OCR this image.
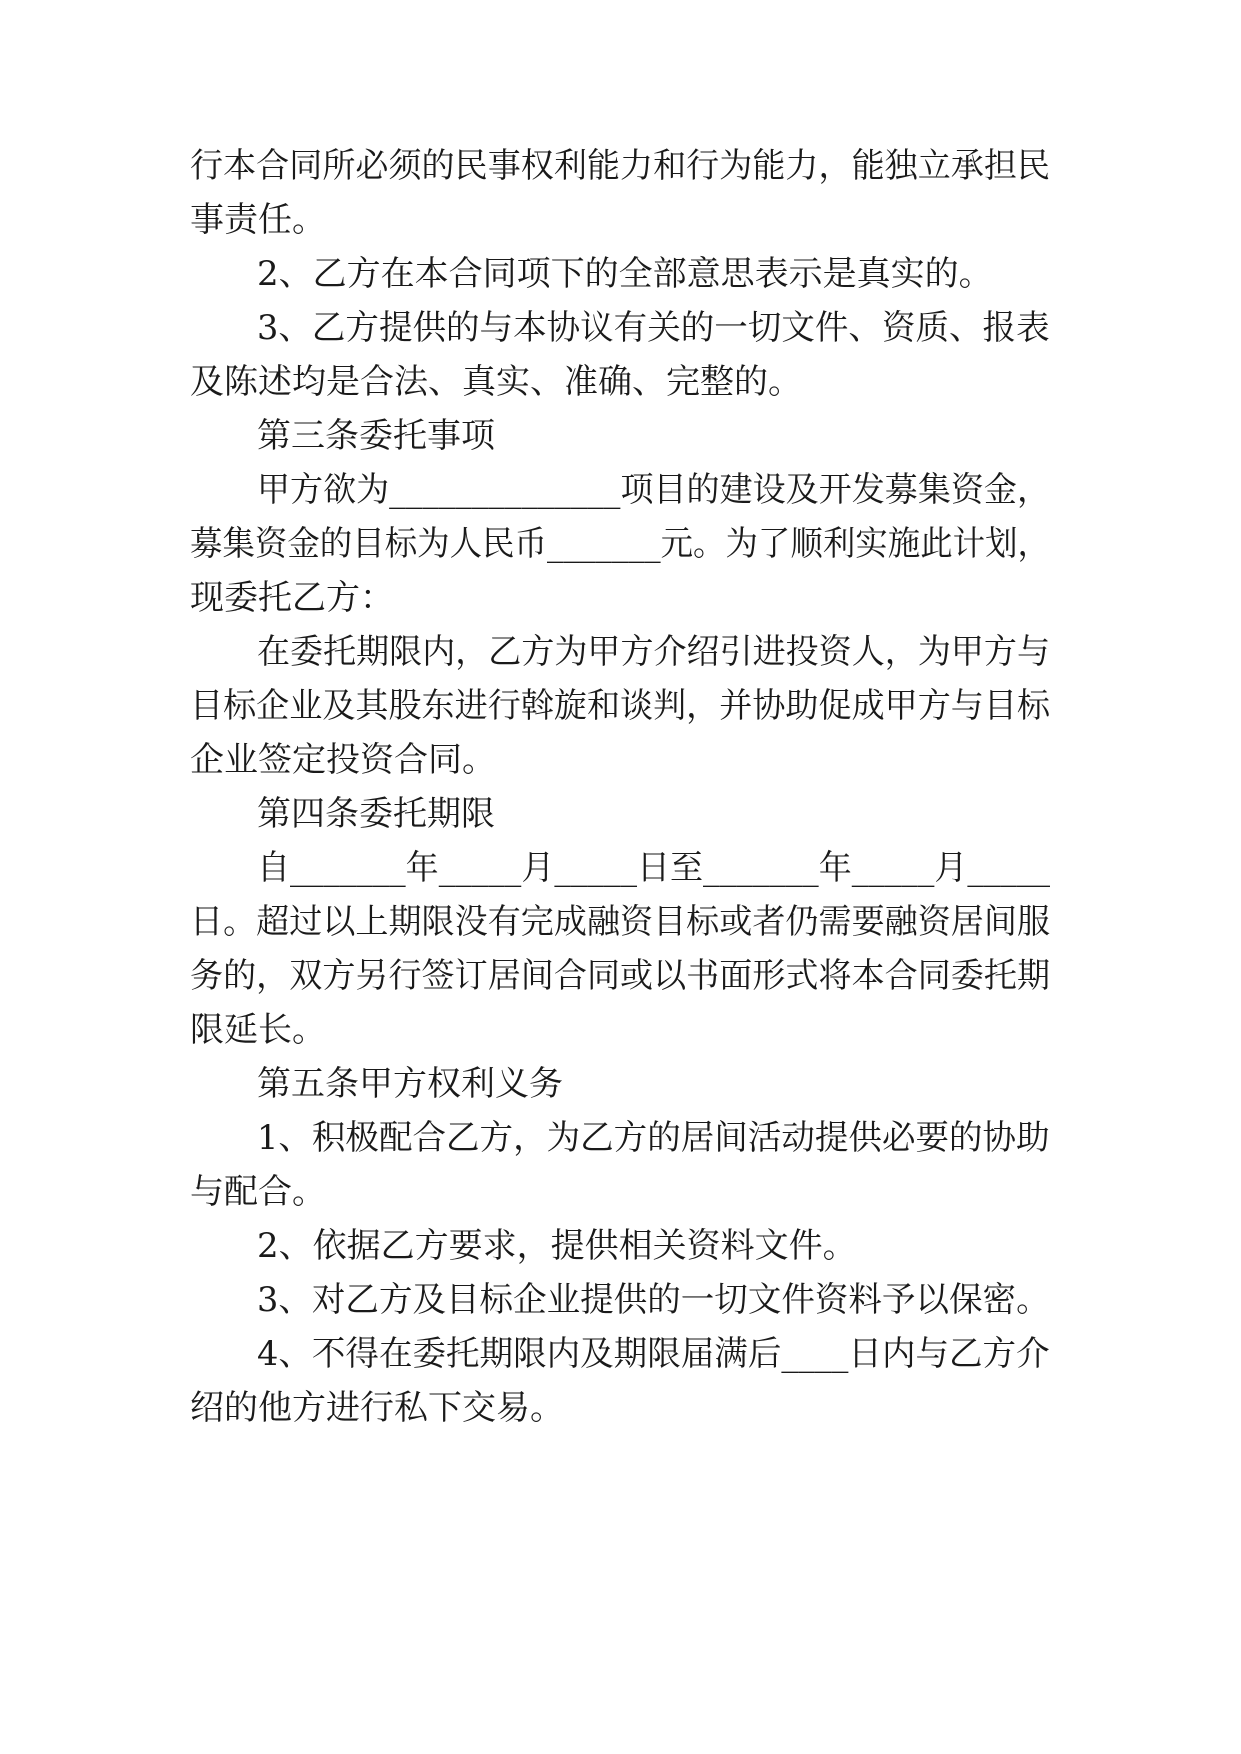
行本合同所必须的民事权利能力和行为能力，能独立承担民
事责任。
2、乙方在本合同项下的全部意思表示是真实的。
3、乙方提供的与本协议有关的一切文件、资质、报表
及陈述均是合法、真实、准确、完整的。
第三条委托事项
甲方欲为______________项目的建设及开发募集资金，
募集资金的目标为人民币_______元。为了顺利实施此计划，
现委托乙方：
在委托期限内，乙方为甲方介绍引进投资人，为甲方与
目标企业及其股东进行斡旋和谈判，并协助促成甲方与目标
企业签定投资合同。
第四条委托期限
自_______年_____月_____日至_______年_____月_____
日。超过以上期限没有完成融资目标或者仍需要融资居间服
务的，双方另行签订居间合同或以书面形式将本合同委托期
限延长。
第五条甲方权利义务
1、积极配合乙方，为乙方的居间活动提供必要的协助
与配合。
2、依据乙方要求，提供相关资料文件。
3、对乙方及目标企业提供的一切文件资料予以保密。
4、不得在委托期限内及期限届满后____日内与乙方介
绍的他方进行私下交易。
